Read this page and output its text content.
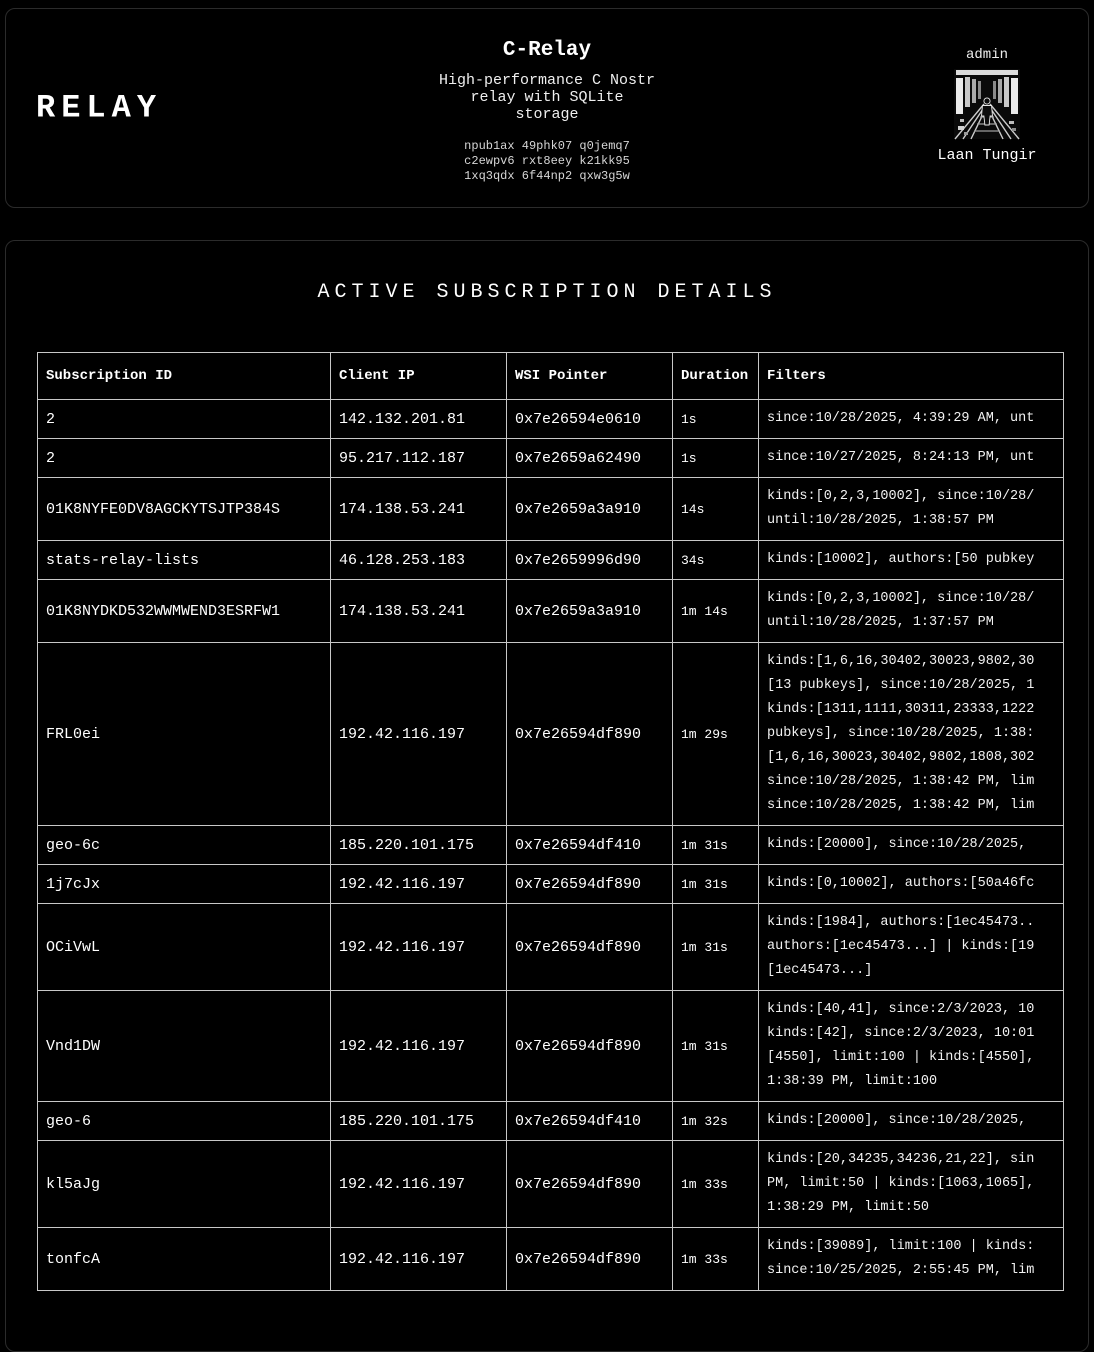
RELAY
C-Relay
High-performance C Nostr
relay with SQLite
storage
npub1ax 49phk07 q0jemq7
c2ewpv6 rxt8eey k21kk95
1xq3qdx 6f44np2 qxw3g5w
admin
Laan Tungir
ACTIVE SUBSCRIPTION DETAILS
Subscription ID	Client IP	WSI Pointer	Duration	Filters
2	142.132.201.81	0x7e26594e0610	1s	since:10/28/2025, 4:39:29 AM, unt

2	95.217.112.187	0x7e2659a62490	1s	since:10/27/2025, 8:24:13 PM, unt

01K8NYFE0DV8AGCKYTSJTP384S	174.138.53.241	0x7e2659a3a910	14s	kinds:[0,2,3,10002], since:10/28/
until:10/28/2025, 1:38:57 PM

stats-relay-lists	46.128.253.183	0x7e2659996d90	34s	kinds:[10002], authors:[50 pubkey

01K8NYDKD532WWMWEND3ESRFW1	174.138.53.241	0x7e2659a3a910	1m 14s	kinds:[0,2,3,10002], since:10/28/
until:10/28/2025, 1:37:57 PM

FRL0ei	192.42.116.197	0x7e26594df890	1m 29s	
kinds:[1,6,16,30402,30023,9802,30
[13 pubkeys], since:10/28/2025, 1
kinds:[1311,1111,30311,23333,1222
pubkeys], since:10/28/2025, 1:38:
[1,6,16,30023,30402,9802,1808,302
since:10/28/2025, 1:38:42 PM, lim
since:10/28/2025, 1:38:42 PM, lim

geo-6c	185.220.101.175	0x7e26594df410	1m 31s	kinds:[20000], since:10/28/2025,

1j7cJx	192.42.116.197	0x7e26594df890	1m 31s	kinds:[0,10002], authors:[50a46fc

OCiVwL	192.42.116.197	0x7e26594df890	1m 31s	kinds:[1984], authors:[1ec45473..
authors:[1ec45473...] | kinds:[19
[1ec45473...]

Vnd1DW	192.42.116.197	0x7e26594df890	1m 31s	kinds:[40,41], since:2/3/2023, 10
kinds:[42], since:2/3/2023, 10:01
[4550], limit:100 | kinds:[4550],
1:38:39 PM, limit:100

geo-6	185.220.101.175	0x7e26594df410	1m 32s	kinds:[20000], since:10/28/2025,

kl5aJg	192.42.116.197	0x7e26594df890	1m 33s	kinds:[20,34235,34236,21,22], sin
PM, limit:50 | kinds:[1063,1065],
1:38:29 PM, limit:50

tonfcA	192.42.116.197	0x7e26594df890	1m 33s	kinds:[39089], limit:100 | kinds:
since:10/25/2025, 2:55:45 PM, lim
